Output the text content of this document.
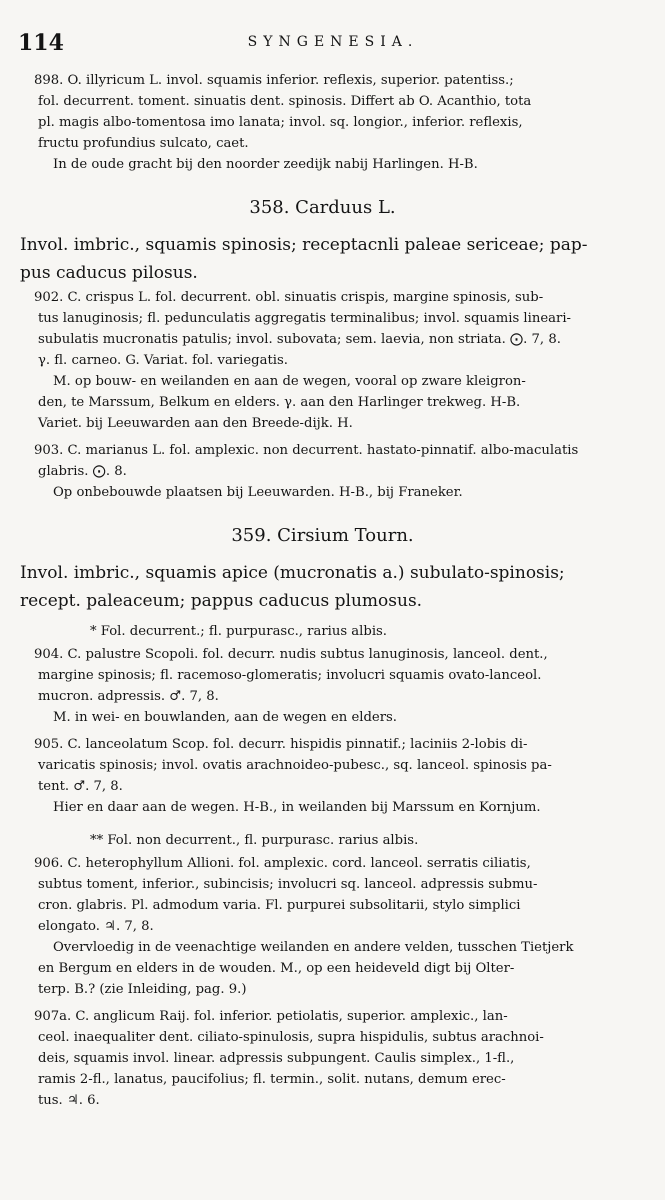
114	SYNGENESIA.

898. O. illyricum L. invol. squamis inferior. reflexis, superior. patentiss.;

fol. decurrent. toment. sinuatis dent. spinosis. Differt ab O. Acanthio, tota

pl. magis albo-tomentosa imo lanata; invol. sq. longior., inferior. reflexis,

fructu profundius sulcato, caet.

In de oude gracht bij den noorder zeedijk nabij Harlingen. H-B.

358. Carduus L.

Invol. imbric., squamis spinosis; receptacnli paleae sericeae; pap-

pus caducus pilosus.

902. C. crispus L. fol. decurrent. obl. sinuatis crispis, margine spinosis, sub-

tus lanuginosis; fl. pedunculatis aggregatis terminalibus; invol. squamis lineari-

subulatis mucronatis patulis; invol. subovata; sem. laevia, non striata. ⨀. 7, 8.

γ. fl. carneo. G. Variat. fol. variegatis.

M. op bouw- en weilanden en aan de wegen, vooral op zware kleigron-

den, te Marssum, Belkum en elders. γ. aan den Harlinger trekweg. H-B.

Variet. bij Leeuwarden aan den Breede-dijk. H.

903. C. marianus L. fol. amplexic. non decurrent. hastato-pinnatif. albo-maculatis

glabris. ⨀. 8.

Op onbebouwde plaatsen bij Leeuwarden. H-B., bij Franeker.

359. Cirsium Tourn.

Invol. imbric., squamis apice (mucronatis a.) subulato-spinosis;

recept. paleaceum; pappus caducus plumosus.

* Fol. decurrent.; fl. purpurasc., rarius albis.

904. C. palustre Scopoli. fol. decurr. nudis subtus lanuginosis, lanceol. dent.,

margine spinosis; fl. racemoso-glomeratis; involucri squamis ovato-lanceol.

mucron. adpressis. ♂. 7, 8.

M. in wei- en bouwlanden, aan de wegen en elders.

905. C. lanceolatum Scop. fol. decurr. hispidis pinnatif.; laciniis 2-lobis di-

varicatis spinosis; invol. ovatis arachnoideo-pubesc., sq. lanceol. spinosis pa-

tent. ♂. 7, 8.

Hier en daar aan de wegen. H-B., in weilanden bij Marssum en Kornjum.

** Fol. non decurrent., fl. purpurasc. rarius albis.

906. C. heterophyllum Allioni. fol. amplexic. cord. lanceol. serratis ciliatis,

subtus toment, inferior., subincisis; involucri sq. lanceol. adpressis submu-

cron. glabris. Pl. admodum varia. Fl. purpurei subsolitarii, stylo simplici

elongato. ♃. 7, 8.

Overvloedig in de veenachtige weilanden en andere velden, tusschen Tietjerk

en Bergum en elders in de wouden. M., op een heideveld digt bij Olter-

terp. B.? (zie Inleiding, pag. 9.)

907a. C. anglicum Raij. fol. inferior. petiolatis, superior. amplexic., lan-

ceol. inaequaliter dent. ciliato-spinulosis, supra hispidulis, subtus arachnoi-

deis, squamis invol. linear. adpressis subpungent. Caulis simplex., 1-fl.,

ramis 2-fl., lanatus, paucifolius; fl. termin., solit. nutans, demum erec-

tus. ♃. 6.
